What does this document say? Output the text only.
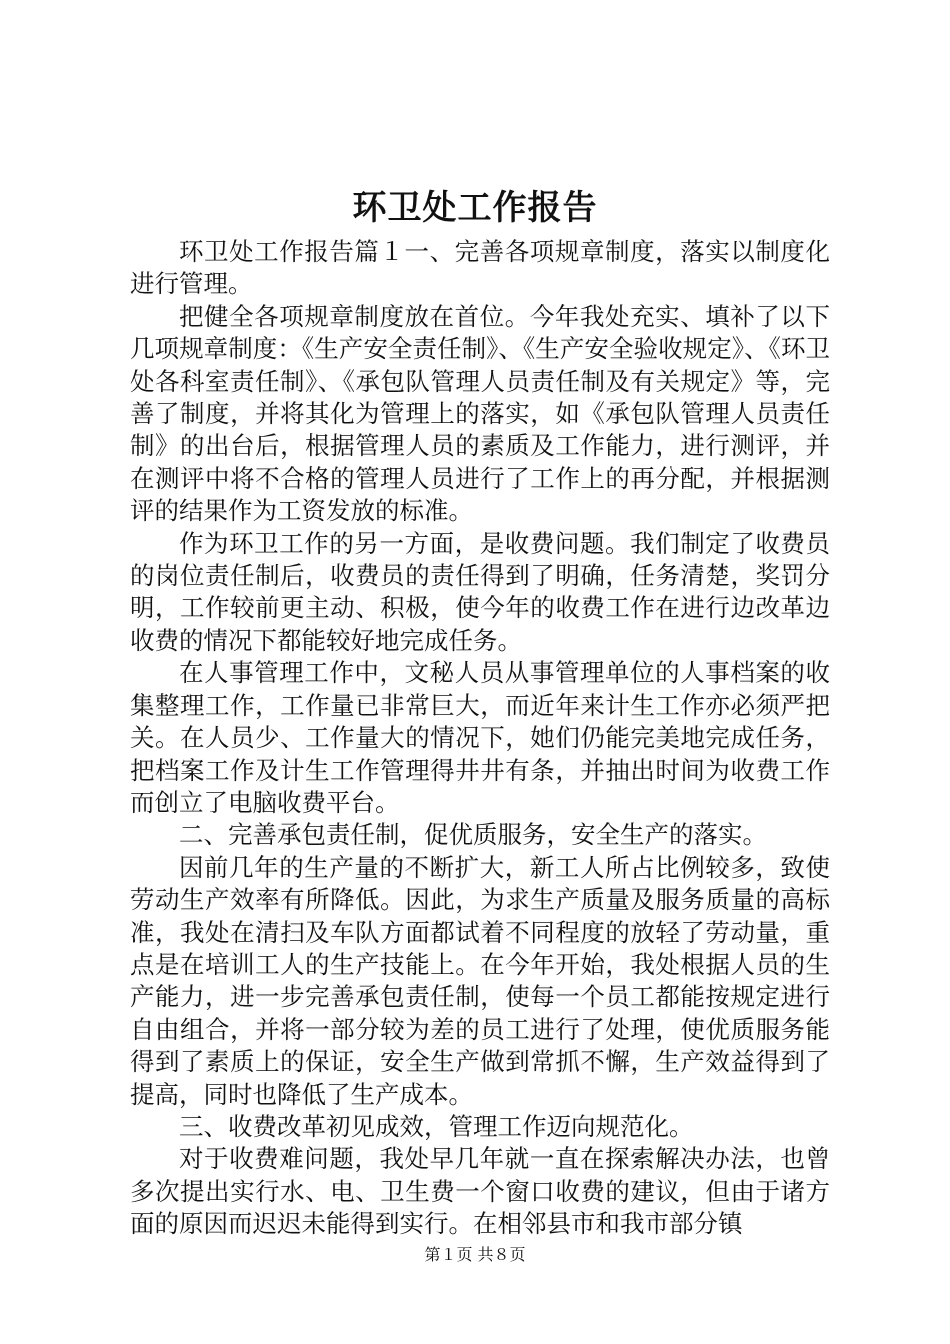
环卫处工作报告

环卫处工作报告篇１一、完善各项规章制度，落实以制度化进行管理。

把健全各项规章制度放在首位。今年我处充实、填补了以下几项规章制度：《生产安全责任制》、《生产安全验收规定》、《环卫处各科室责任制》、《承包队管理人员责任制及有关规定》等，完善了制度，并将其化为管理上的落实，如《承包队管理人员责任制》的出台后，根据管理人员的素质及工作能力，进行测评，并在测评中将不合格的管理人员进行了工作上的再分配，并根据测评的结果作为工资发放的标准。

作为环卫工作的另一方面，是收费问题。我们制定了收费员的岗位责任制后，收费员的责任得到了明确，任务清楚，奖罚分明，工作较前更主动、积极，使今年的收费工作在进行边改革边收费的情况下都能较好地完成任务。

在人事管理工作中，文秘人员从事管理单位的人事档案的收集整理工作，工作量已非常巨大，而近年来计生工作亦必须严把关。在人员少、工作量大的情况下，她们仍能完美地完成任务，把档案工作及计生工作管理得井井有条，并抽出时间为收费工作而创立了电脑收费平台。

二、完善承包责任制，促优质服务，安全生产的落实。

因前几年的生产量的不断扩大，新工人所占比例较多，致使劳动生产效率有所降低。因此，为求生产质量及服务质量的高标准，我处在清扫及车队方面都试着不同程度的放轻了劳动量，重点是在培训工人的生产技能上。在今年开始，我处根据人员的生产能力，进一步完善承包责任制，使每一个员工都能按规定进行自由组合，并将一部分较为差的员工进行了处理，使优质服务能得到了素质上的保证，安全生产做到常抓不懈，生产效益得到了提高，同时也降低了生产成本。

三、收费改革初见成效，管理工作迈向规范化。

对于收费难问题，我处早几年就一直在探索解决办法，也曾多次提出实行水、电、卫生费一个窗口收费的建议，但由于诸方面的原因而迟迟未能得到实行。在相邻县市和我市部分镇

第１页 共８页
